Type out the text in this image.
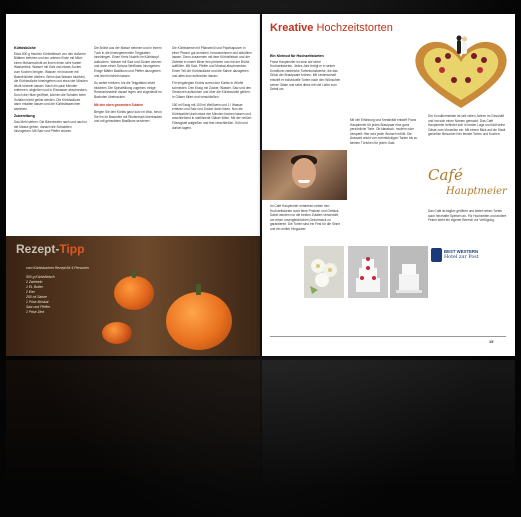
Kürbisküche

Etwa 800 g frischen Kürbisfleisch von den äußeren Blättern befreien und am unteren Ende mit Milch einen Messerschnitt an Ihnen einen sehr harten Wassertrick. Wasser mit Salz und etwas Zucker zum Kochen bringen. Wasser, ein brauner mit Basisfrüchten bleiben. Wenn das Wasser blubbert, die Kürbisstücke hineingeben und etwa vier Minuten leicht köcheln lassen. Nach ein paar Minuten entfernen, abgießen und in Eiswasser abschrecken. Durch die Hitze geöffnet, können die Schalen beim Schälen leicht gelöst werden. Die Kürbisstücke dann erkalten lassen und die Kürbisfasserchen abziehen.

Zubereitung

Das Mehl sieben. Die Bärenbutter nach und nach in die Masse geben, danach die Schalotten hinzugeben. Mit Salz und Pfeffer würzen.

Die Brühe aus der Masse nehmen und in einem Tuch in die hineingetrennten Teigplatten hineinlegen. Einen Kreis Nudeln im Kürbistopf aufkochen. Wasser mit Salz und Zucker würzen und dann einen Schuss Weißwein hinzugeben. Einige Blätter Basilikum und Pfeffer dazugeben und leicht köcheln lassen.

So weiter erhitzen, bis die Teigplatten leicht blubbern. Die Spinatfüllung zugeben, einige Rosmarinnadeln darauf legen und zugedeckt im Backofen überbacken.

Mit den oben genannten Zutaten

Bergen Sie den Kürbis ganz kurz im Wok, bevor Sie ihn im Backofen mit Rindermark überbacken und mit gehacktem Basilikum servieren.

Die Kürbiskerne mit Pflanzenöl und Paprikapulver in einer Pfanne gut anrösten, herausnehmen und abkühlen lassen. Dann zusammen mit dem Kürbisfleisch und der Zwiebel in einem Mixer fein pürieren und mit der Brühe auffüllen. Mit Salz, Pfeffer und Muskat abschmecken. Einen Teil der Kürbisstücke und die Sahne dazugeben und alles kurz aufkochen lassen.

Für eingelegten Kürbis zuerst den Kürbis in Würfel schneiden. Den Essig mit Zucker, Wasser, Salz und den Gewürzen aufkochen und über die Kürbiswürfel gießen. In Gläser füllen und verschließen.

150 ml Essig mit 100 ml Weißwein und 1 l Wasser erhitzen und Salz und Zucker darin lösen. Nun die Kürbiswürfel darin etwa vier Minuten kochen lassen und anschließend in sterilisierte Gläser füllen. Mit der heißen Flüssigkeit aufgießen und fest verschließen. Kühl und dunkel lagern.

Rezept-Tipp
vom Kürbiskuchen Rezept für 4 Personen
500 g Kürbisfleisch
2 Zwiebeln
1 EL Butter
2 Eier
250 ml Sahne
1 Prise Muskat
Salz und Pfeffer
1 Prise Zimt
Kreative Hochzeitstorten
Ein Kleinod für Hochzeitstorten

Franz Hauptmeier ist stolz auf seine Hochzeitstorten. Jedes Jahr fertigt er in seiner Konditorei zahlreiche Tortenkunstwerke, die das Glück der Brautpaare krönen. Mit Leidenschaft entwirft er individuelle Torten nach den Wünschen seiner Gäste und setzt diese mit viel Liebe zum Detail um.

Im Café Hauptmeier entstehen neben den Hochzeitstorten auch feine Pralinen und Gebäck. Dabei werden nur die besten Zutaten verwendet, um einen unvergleichlichen Geschmack zu garantieren. Die Torten sind ein Fest für die Sinne und ein echter Hingucker.

Mit viel Erfahrung und Kreativität entwirft Franz Hauptmeier für jedes Brautpaar eine ganz persönliche Torte. Ob klassisch, modern oder verspielt: Hier wird jeder Wunsch erfüllt. Die Auswahl reicht von mehrstöckigen Torten bis zu kleinen Törtchen für jeden Gast.

Der Konditormeister ist seit vielen Jahren im Geschäft und hat sich einen Namen gemacht. Das Café Hauptmeier befindet sich in bester Lage und lädt seine Gäste zum Verweilen ein. Mit einem Blick auf die Stadt genießen Besucher hier feinste Torten und Kuchen.

Café
Hauptmeier

Das Café ist täglich geöffnet und bietet neben Torten auch herzhafte Speisen an. Für Hochzeiten und andere Feiern steht ein eigener Bereich zur Verfügung.

BEST WESTERN
Hotel zur Post
15
